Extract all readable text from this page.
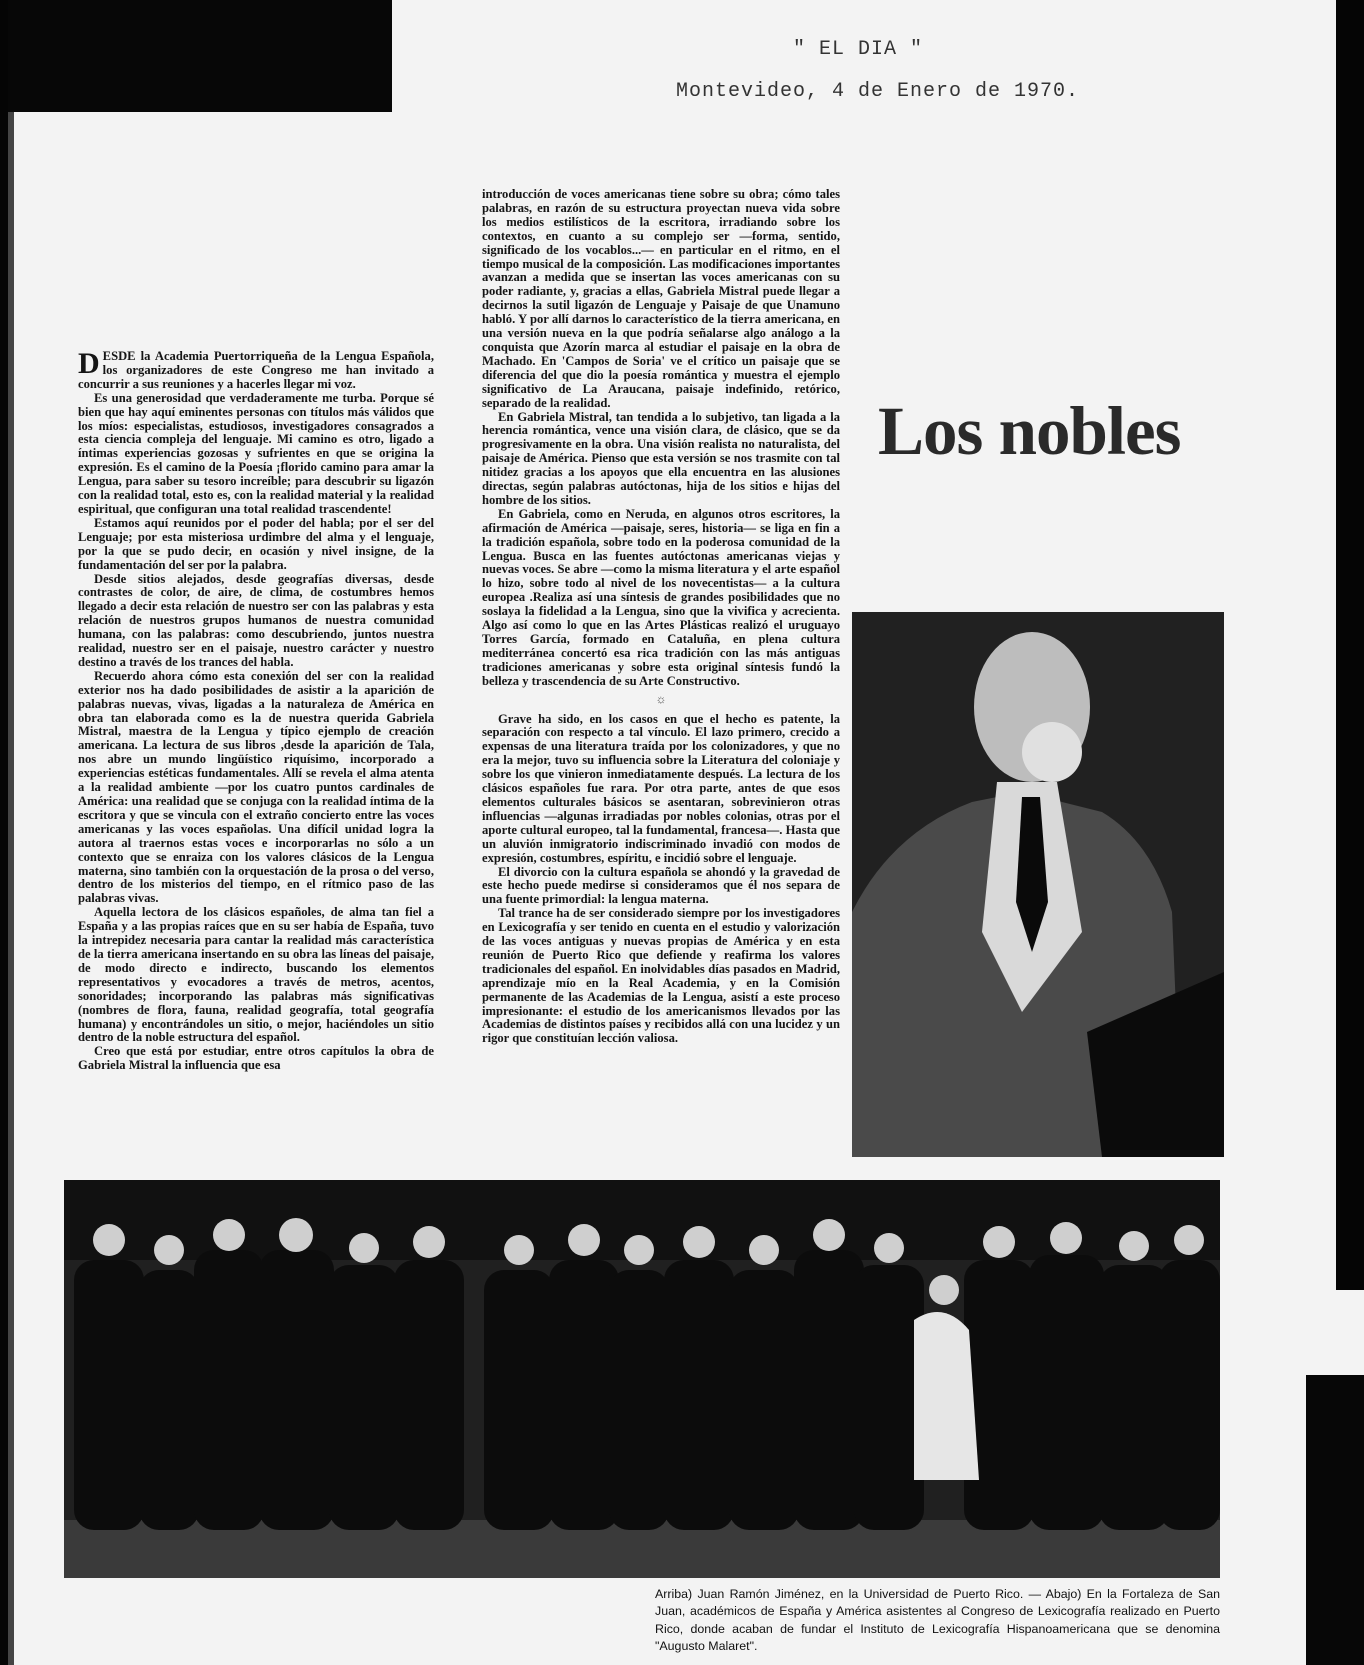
" EL DIA "
Montevideo, 4 de Enero de 1970.

DESDE la Academia Puertorriqueña de la Lengua Española, los organizadores de este Congreso me han invitado a concurrir a sus reuniones y a hacerles llegar mi voz.

Es una generosidad que verdaderamente me turba. Porque sé bien que hay aquí eminentes personas con títulos más válidos que los míos: especialistas, estudiosos, investigadores consagrados a esta ciencia compleja del lenguaje. Mi camino es otro, ligado a íntimas experiencias gozosas y sufrientes en que se origina la expresión. Es el camino de la Poesía ¡florido camino para amar la Lengua, para saber su tesoro increíble; para descubrir su ligazón con la realidad total, esto es, con la realidad material y la realidad espiritual, que configuran una total realidad trascendente!

Estamos aquí reunidos por el poder del habla; por el ser del Lenguaje; por esta misteriosa urdimbre del alma y el lenguaje, por la que se pudo decir, en ocasión y nivel insigne, de la fundamentación del ser por la palabra.

Desde sitios alejados, desde geografías diversas, desde contrastes de color, de aire, de clima, de costumbres hemos llegado a decir esta relación de nuestro ser con las palabras y esta relación de nuestros grupos humanos de nuestra comunidad humana, con las palabras: como descubriendo, juntos nuestra realidad, nuestro ser en el paisaje, nuestro carácter y nuestro destino a través de los trances del habla.

Recuerdo ahora cómo esta conexión del ser con la realidad exterior nos ha dado posibilidades de asistir a la aparición de palabras nuevas, vivas, ligadas a la naturaleza de América en obra tan elaborada como es la de nuestra querida Gabriela Mistral, maestra de la Lengua y típico ejemplo de creación americana. La lectura de sus libros ,desde la aparición de Tala, nos abre un mundo lingüístico riquísimo, incorporado a experiencias estéticas fundamentales. Allí se revela el alma atenta a la realidad ambiente —por los cuatro puntos cardinales de América: una realidad que se conjuga con la realidad íntima de la escritora y que se vincula con el extraño concierto entre las voces americanas y las voces españolas. Una difícil unidad logra la autora al traernos estas voces e incorporarlas no sólo a un contexto que se enraiza con los valores clásicos de la Lengua materna, sino también con la orquestación de la prosa o del verso, dentro de los misterios del tiempo, en el rítmico paso de las palabras vivas.

Aquella lectora de los clásicos españoles, de alma tan fiel a España y a las propias raíces que en su ser había de España, tuvo la intrepidez necesaria para cantar la realidad más característica de la tierra americana insertando en su obra las líneas del paisaje, de modo directo e indirecto, buscando los elementos representativos y evocadores a través de metros, acentos, sonoridades; incorporando las palabras más significativas (nombres de flora, fauna, realidad geografía, total geografía humana) y encontrándoles un sitio, o mejor, haciéndoles un sitio dentro de la noble estructura del español.

Creo que está por estudiar, entre otros capítulos la obra de Gabriela Mistral la influencia que esa

introducción de voces americanas tiene sobre su obra; cómo tales palabras, en razón de su estructura proyectan nueva vida sobre los medios estilísticos de la escritora, irradiando sobre los contextos, en cuanto a su complejo ser —forma, sentido, significado de los vocablos...— en particular en el ritmo, en el tiempo musical de la composición. Las modificaciones importantes avanzan a medida que se insertan las voces americanas con su poder radiante, y, gracias a ellas, Gabriela Mistral puede llegar a decirnos la sutil ligazón de Lenguaje y Paisaje de que Unamuno habló. Y por allí darnos lo característico de la tierra americana, en una versión nueva en la que podría señalarse algo análogo a la conquista que Azorín marca al estudiar el paisaje en la obra de Machado. En 'Campos de Soria' ve el crítico un paisaje que se diferencia del que dio la poesía romántica y muestra el ejemplo significativo de La Araucana, paisaje indefinido, retórico, separado de la realidad.

En Gabriela Mistral, tan tendida a lo subjetivo, tan ligada a la herencia romántica, vence una visión clara, de clásico, que se da progresivamente en la obra. Una visión realista no naturalista, del paisaje de América. Pienso que esta versión se nos trasmite con tal nitidez gracias a los apoyos que ella encuentra en las alusiones directas, según palabras autóctonas, hija de los sitios e hijas del hombre de los sitios.

En Gabriela, como en Neruda, en algunos otros escritores, la afirmación de América —paisaje, seres, historia— se liga en fin a la tradición española, sobre todo en la poderosa comunidad de la Lengua. Busca en las fuentes autóctonas americanas viejas y nuevas voces. Se abre —como la misma literatura y el arte español lo hizo, sobre todo al nivel de los novecentistas— a la cultura europea .Realiza así una síntesis de grandes posibilidades que no soslaya la fidelidad a la Lengua, sino que la vivifica y acrecienta. Algo así como lo que en las Artes Plásticas realizó el uruguayo Torres García, formado en Cataluña, en plena cultura mediterránea concertó esa rica tradición con las más antiguas tradiciones americanas y sobre esta original síntesis fundó la belleza y trascendencia de su Arte Constructivo.

☼

Grave ha sido, en los casos en que el hecho es patente, la separación con respecto a tal vínculo. El lazo primero, crecido a expensas de una literatura traída por los colonizadores, y que no era la mejor, tuvo su influencia sobre la Literatura del coloniaje y sobre los que vinieron inmediatamente después. La lectura de los clásicos españoles fue rara. Por otra parte, antes de que esos elementos culturales básicos se asentaran, sobrevinieron otras influencias —algunas irradiadas por nobles colonias, otras por el aporte cultural europeo, tal la fundamental, francesa—. Hasta que un aluvión inmigratorio indiscriminado invadió con modos de expresión, costumbres, espíritu, e incidió sobre el lenguaje.

El divorcio con la cultura española se ahondó y la gravedad de este hecho puede medirse si consideramos que él nos separa de una fuente primordial: la lengua materna.

Tal trance ha de ser considerado siempre por los investigadores en Lexicografía y ser tenido en cuenta en el estudio y valorización de las voces antiguas y nuevas propias de América y en esta reunión de Puerto Rico que defiende y reafirma los valores tradicionales del español. En inolvidables días pasados en Madrid, aprendizaje mío en la Real Academia, y en la Comisión permanente de las Academias de la Lengua, asistí a este proceso impresionante: el estudio de los americanismos llevados por las Academias de distintos países y recibidos allá con una lucidez y un rigor que constituían lección valiosa.

Los nobles
Arriba) Juan Ramón Jiménez, en la Universidad de Puerto Rico. — Abajo) En la Fortaleza de San Juan, académicos de España y América asistentes al Congreso de Lexicografía realizado en Puerto Rico, donde acaban de fundar el Instituto de Lexicografía Hispanoamericana que se denomina "Augusto Malaret".
